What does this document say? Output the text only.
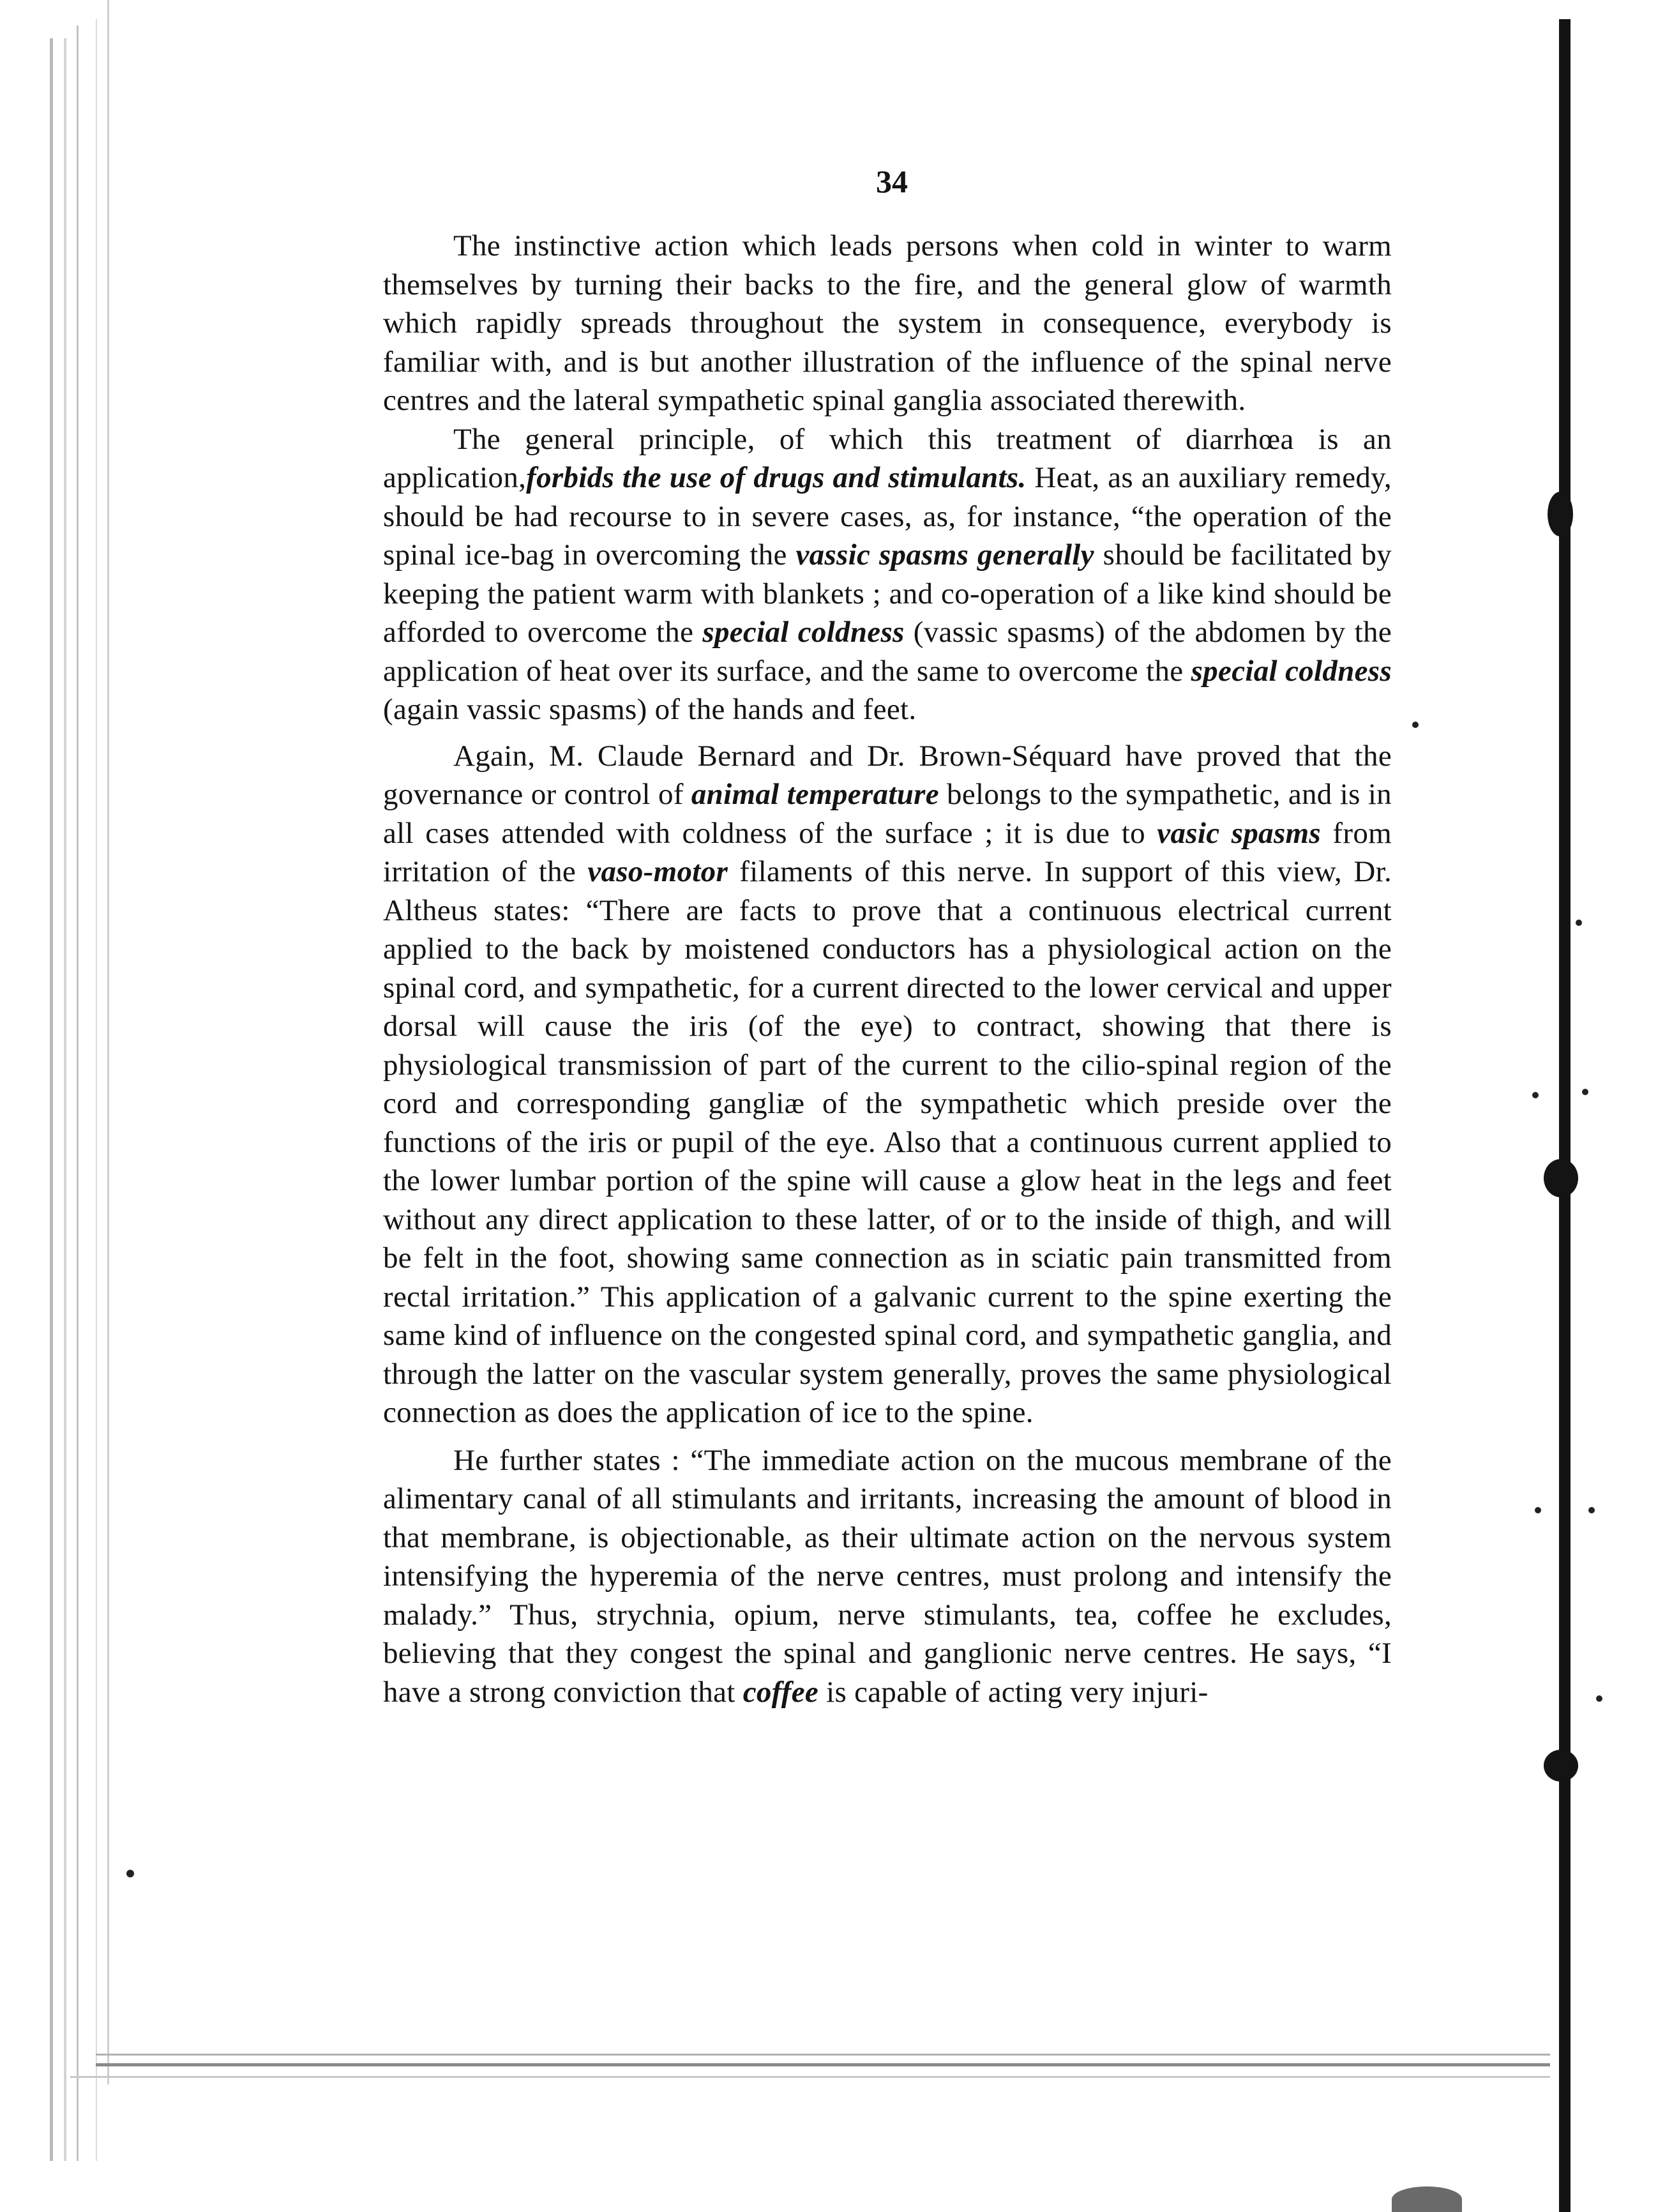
34

The instinctive action which leads persons when cold in winter to warm themselves by turning their backs to the fire, and the general glow of warmth which rapidly spreads throughout the system in consequence, everybody is familiar with, and is but another illustration of the influence of the spinal nerve centres and the lateral sympathetic spinal ganglia associated therewith.

The general principle, of which this treatment of diarrhœa is an application,forbids the use of drugs and stimulants. Heat, as an auxiliary remedy, should be had recourse to in severe cases, as, for instance, “the operation of the spinal ice-bag in overcoming the vassic spasms generally should be facilitated by keeping the patient warm with blankets ; and co-operation of a like kind should be afforded to overcome the special coldness (vassic spasms) of the abdomen by the application of heat over its surface, and the same to overcome the special coldness (again vassic spasms) of the hands and feet.

Again, M. Claude Bernard and Dr. Brown-Séquard have proved that the governance or control of animal temperature belongs to the sympathetic, and is in all cases attended with coldness of the surface ; it is due to vasic spasms from irritation of the vaso-motor filaments of this nerve. In support of this view, Dr. Altheus states: “There are facts to prove that a continuous electrical current applied to the back by moistened conductors has a physiological action on the spinal cord, and sympathetic, for a current directed to the lower cervical and upper dorsal will cause the iris (of the eye) to contract, showing that there is physiological transmission of part of the current to the cilio-spinal region of the cord and corresponding gangliæ of the sympathetic which preside over the functions of the iris or pupil of the eye. Also that a continuous current applied to the lower lumbar portion of the spine will cause a glow heat in the legs and feet without any direct application to these latter, of or to the inside of thigh, and will be felt in the foot, showing same connection as in sciatic pain transmitted from rectal irritation.” This application of a galvanic current to the spine exerting the same kind of influence on the congested spinal cord, and sympathetic ganglia, and through the latter on the vascular system generally, proves the same physiological connection as does the application of ice to the spine.

He further states : “The immediate action on the mucous membrane of the alimentary canal of all stimulants and irritants, increasing the amount of blood in that membrane, is objectionable, as their ultimate action on the nervous system intensifying the hyperemia of the nerve centres, must prolong and intensify the malady.” Thus, strychnia, opium, nerve stimulants, tea, coffee he excludes, believing that they congest the spinal and ganglionic nerve centres. He says, “I have a strong conviction that coffee is capable of acting very injuri-
